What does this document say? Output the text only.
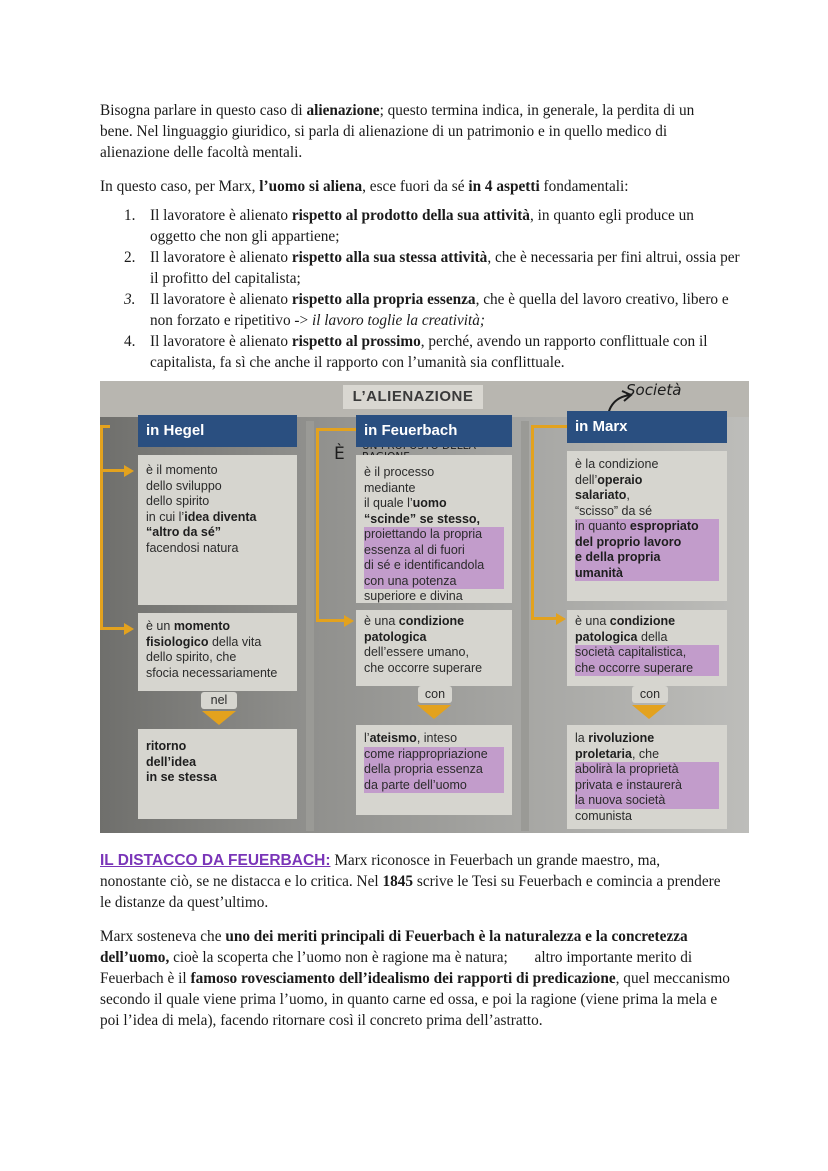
Bisogna parlare in questo caso di alienazione; questo termina indica, in generale, la perdita di un bene. Nel linguaggio giuridico, si parla di alienazione di un patrimonio e in quello medico di alienazione delle facoltà mentali.

In questo caso, per Marx, l’uomo si aliena, esce fuori da sé in 4 aspetti fondamentali:

1. Il lavoratore è alienato rispetto al prodotto della sua attività, in quanto egli produce un oggetto che non gli appartiene;
2. Il lavoratore è alienato rispetto alla sua stessa attività, che è necessaria per fini altrui, ossia per il profitto del capitalista;
3. Il lavoratore è alienato rispetto alla propria essenza, che è quella del lavoro creativo, libero e non forzato e ripetitivo -> il lavoro toglie la creatività;
4. Il lavoratore è alienato rispetto al prossimo, perché, avendo un rapporto conflittuale con il capitalista, fa sì che anche il rapporto con l’umanità sia conflittuale.
L’ALIENAZIONE	Società
È
in Hegel
è il momento
dello sviluppo
dello spirito
in cui l’idea diventa
“altro da sé”
facendosi natura
è un momento
fisiologico della vita
dello spirito, che
sfocia necessariamente
nel
ritorno
dell’idea
in se stessa
in Feuerbach
è il processo
mediante
il quale l’uomo
“scinde” se stesso,
proiettando la propria
essenza al di fuori
di sé e identificandola
con una potenza
superiore e divina
è una condizione
patologica
dell’essere umano,
che occorre superare
con
l’ateismo, inteso
come riappropriazione
della propria essenza
da parte dell’uomo
in Marx
è la condizione
dell’operaio
salariato,
“scisso” da sé
in quanto espropriato
del proprio lavoro
e della propria
umanità
è una condizione
patologica della
società capitalistica,
che occorre superare
con
la rivoluzione
proletaria, che
abolirà la proprietà
privata e instaurerà
la nuova società
comunista

IL DISTACCO DA FEUERBACH: Marx riconosce in Feuerbach un grande maestro, ma, nonostante ciò, se ne distacca e lo critica. Nel 1845 scrive le Tesi su Feuerbach e comincia a prendere le distanze da quest’ultimo.

Marx sosteneva che uno dei meriti principali di Feuerbach è la naturalezza e la concretezza dell’uomo, cioè la scoperta che l’uomo non è ragione ma è natura;       altro importante merito di Feuerbach è il famoso rovesciamento dell’idealismo dei rapporti di predicazione, quel meccanismo secondo il quale viene prima l’uomo, in quanto carne ed ossa, e poi la ragione (viene prima la mela e poi l’idea di mela), facendo ritornare così il concreto prima dell’astratto.
